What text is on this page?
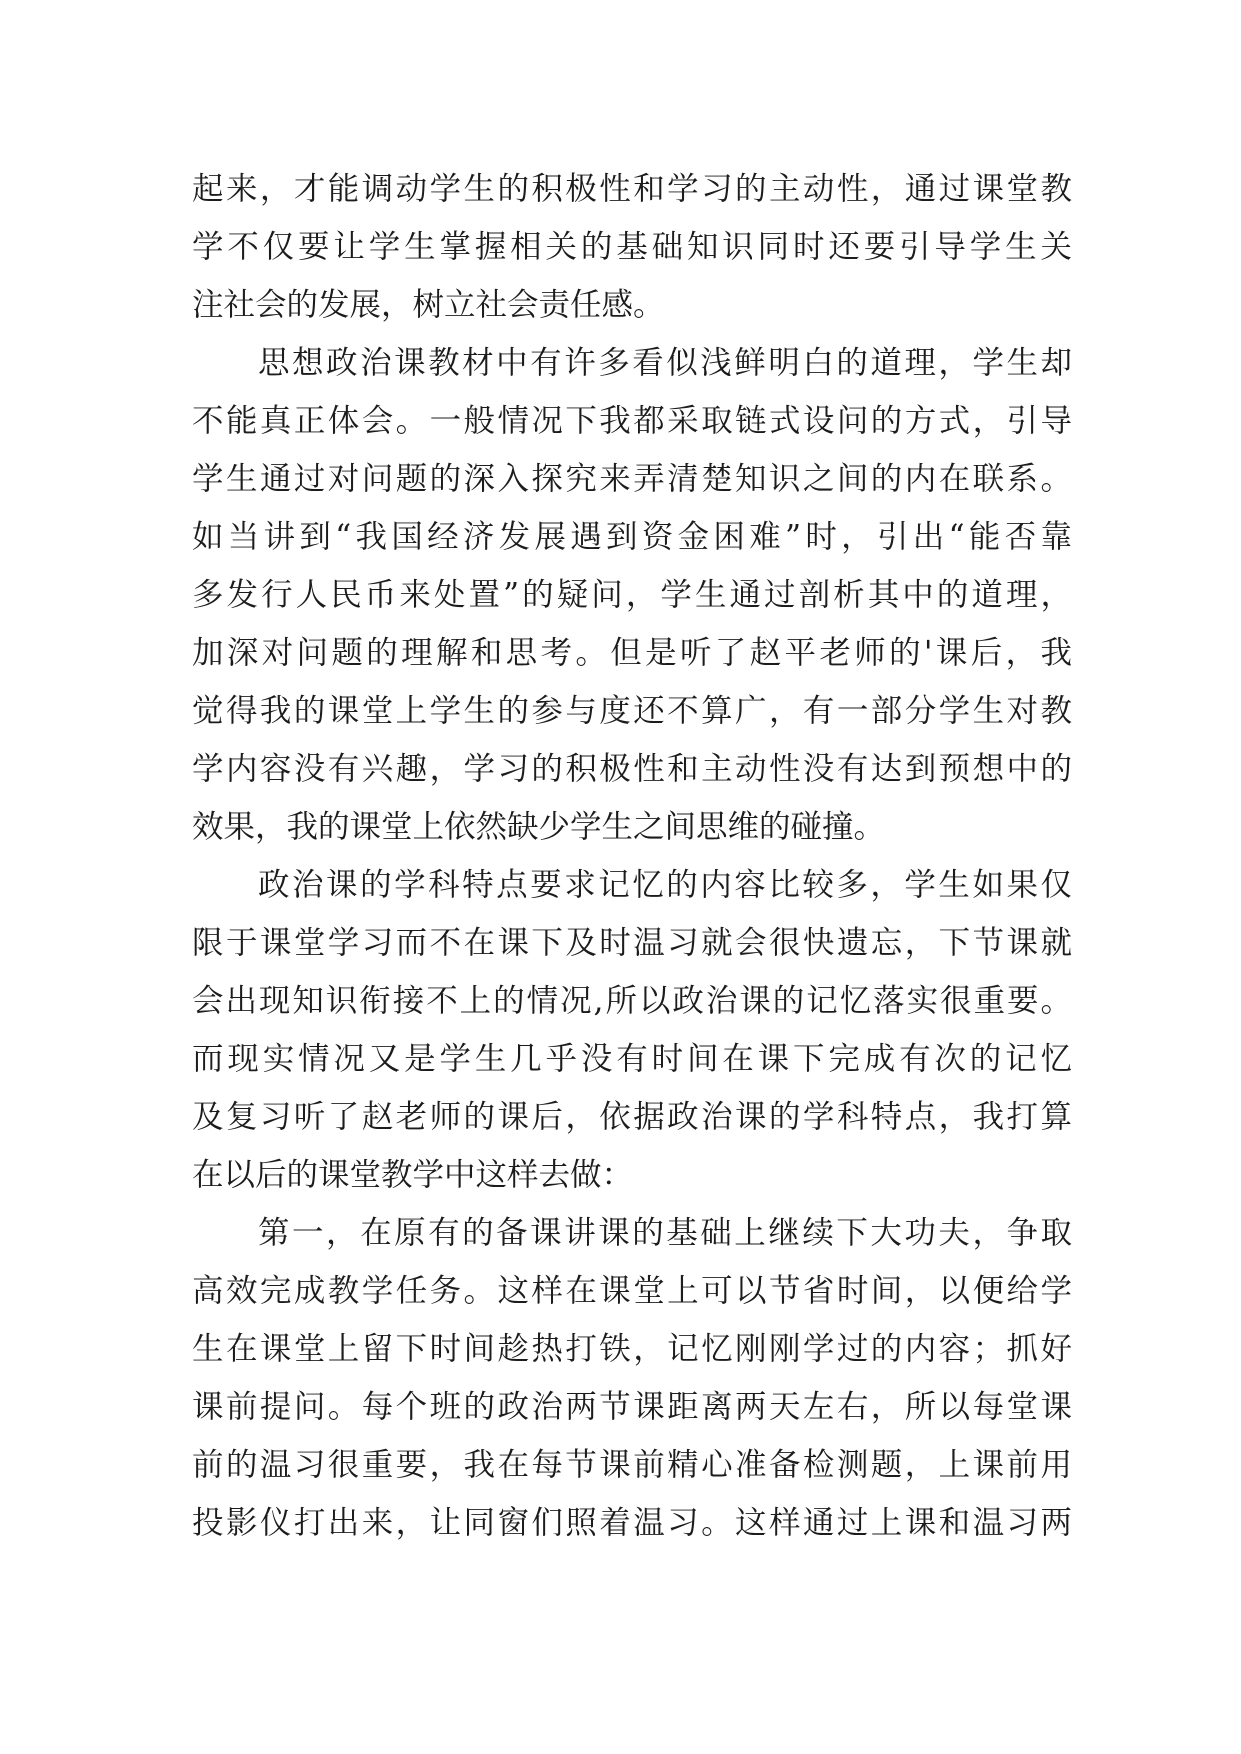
起来，才能调动学生的积极性和学习的主动性，通过课堂教
学不仅要让学生掌握相关的基础知识同时还要引导学生关
注社会的发展，树立社会责任感。
思想政治课教材中有许多看似浅鲜明白的道理，学生却
不能真正体会。一般情况下我都采取链式设问的方式，引导
学生通过对问题的深入探究来弄清楚知识之间的内在联系。
如当讲到“我国经济发展遇到资金困难”时，引出“能否靠
多发行人民币来处置”的疑问，学生通过剖析其中的道理，
加深对问题的理解和思考。但是听了赵平老师的'课后，我
觉得我的课堂上学生的参与度还不算广，有一部分学生对教
学内容没有兴趣，学习的积极性和主动性没有达到预想中的
效果，我的课堂上依然缺少学生之间思维的碰撞。
政治课的学科特点要求记忆的内容比较多，学生如果仅
限于课堂学习而不在课下及时温习就会很快遗忘，下节课就
会出现知识衔接不上的情况,所以政治课的记忆落实很重要。
而现实情况又是学生几乎没有时间在课下完成有次的记忆
及复习听了赵老师的课后，依据政治课的学科特点，我打算
在以后的课堂教学中这样去做：
第一，在原有的备课讲课的基础上继续下大功夫，争取
高效完成教学任务。这样在课堂上可以节省时间，以便给学
生在课堂上留下时间趁热打铁，记忆刚刚学过的内容；抓好
课前提问。每个班的政治两节课距离两天左右，所以每堂课
前的温习很重要，我在每节课前精心准备检测题，上课前用
投影仪打出来，让同窗们照着温习。这样通过上课和温习两
